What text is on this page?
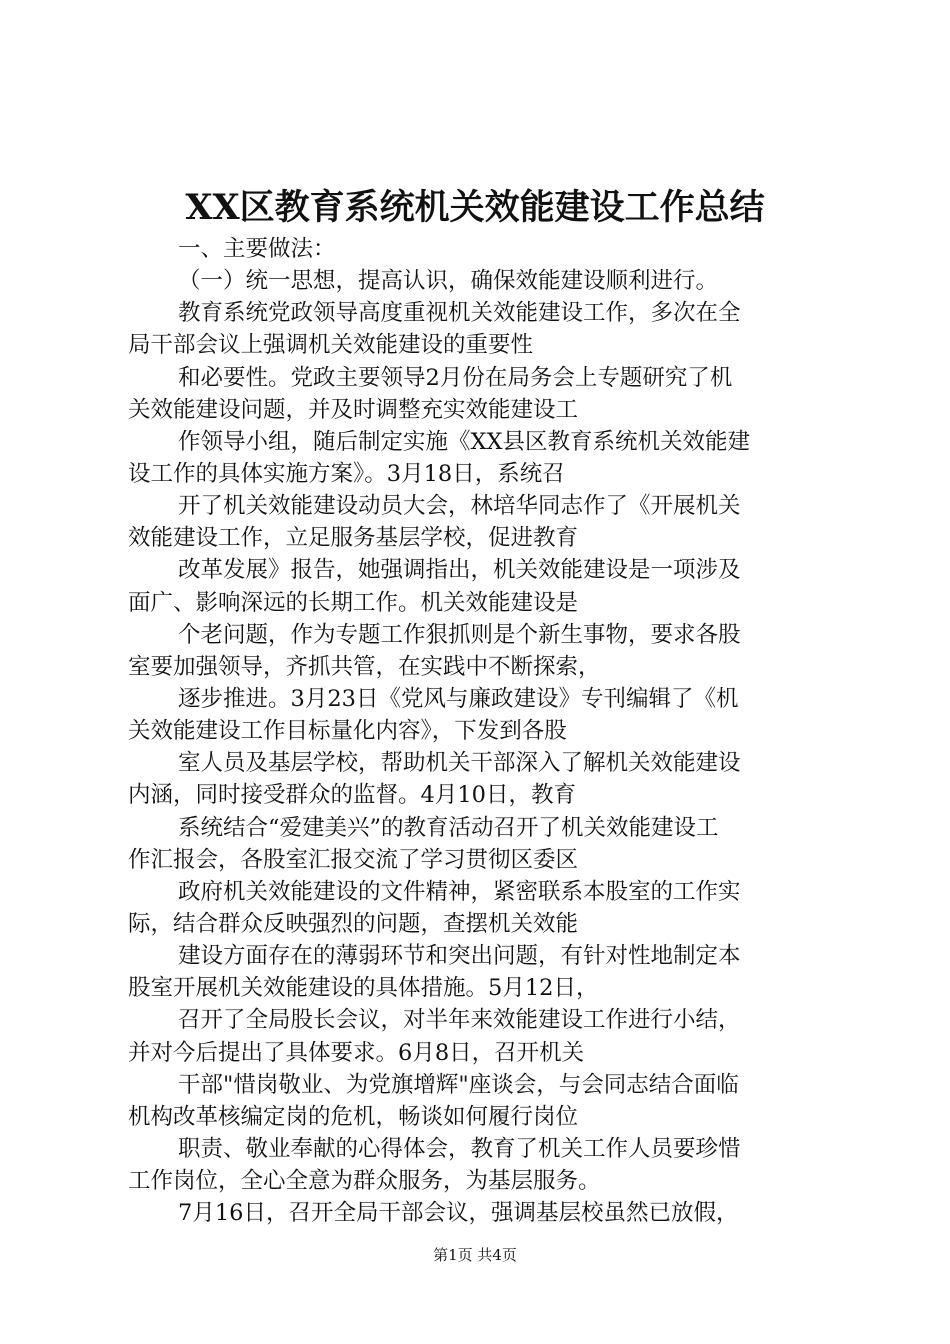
XX区教育系统机关效能建设工作总结
一、主要做法：
（一）统一思想，提高认识，确保效能建设顺利进行。
教育系统党政领导高度重视机关效能建设工作，多次在全
局干部会议上强调机关效能建设的重要性
和必要性。党政主要领导2月份在局务会上专题研究了机
关效能建设问题，并及时调整充实效能建设工
作领导小组，随后制定实施《XX县区教育系统机关效能建
设工作的具体实施方案》。3月18日，系统召
开了机关效能建设动员大会，林培华同志作了《开展机关
效能建设工作，立足服务基层学校，促进教育
改革发展》报告，她强调指出，机关效能建设是一项涉及
面广、影响深远的长期工作。机关效能建设是
个老问题，作为专题工作狠抓则是个新生事物，要求各股
室要加强领导，齐抓共管，在实践中不断探索，
逐步推进。3月23日《党风与廉政建设》专刊编辑了《机
关效能建设工作目标量化内容》，下发到各股
室人员及基层学校，帮助机关干部深入了解机关效能建设
内涵，同时接受群众的监督。4月10日，教育
系统结合“爱建美兴”的教育活动召开了机关效能建设工
作汇报会，各股室汇报交流了学习贯彻区委区
政府机关效能建设的文件精神，紧密联系本股室的工作实
际，结合群众反映强烈的问题，查摆机关效能
建设方面存在的薄弱环节和突出问题，有针对性地制定本
股室开展机关效能建设的具体措施。5月12日，
召开了全局股长会议，对半年来效能建设工作进行小结，
并对今后提出了具体要求。6月8日，召开机关
干部"惜岗敬业、为党旗增辉"座谈会，与会同志结合面临
机构改革核编定岗的危机，畅谈如何履行岗位
职责、敬业奉献的心得体会，教育了机关工作人员要珍惜
工作岗位，全心全意为群众服务，为基层服务。
7月16日，召开全局干部会议，强调基层校虽然已放假，
第1页 共4页
